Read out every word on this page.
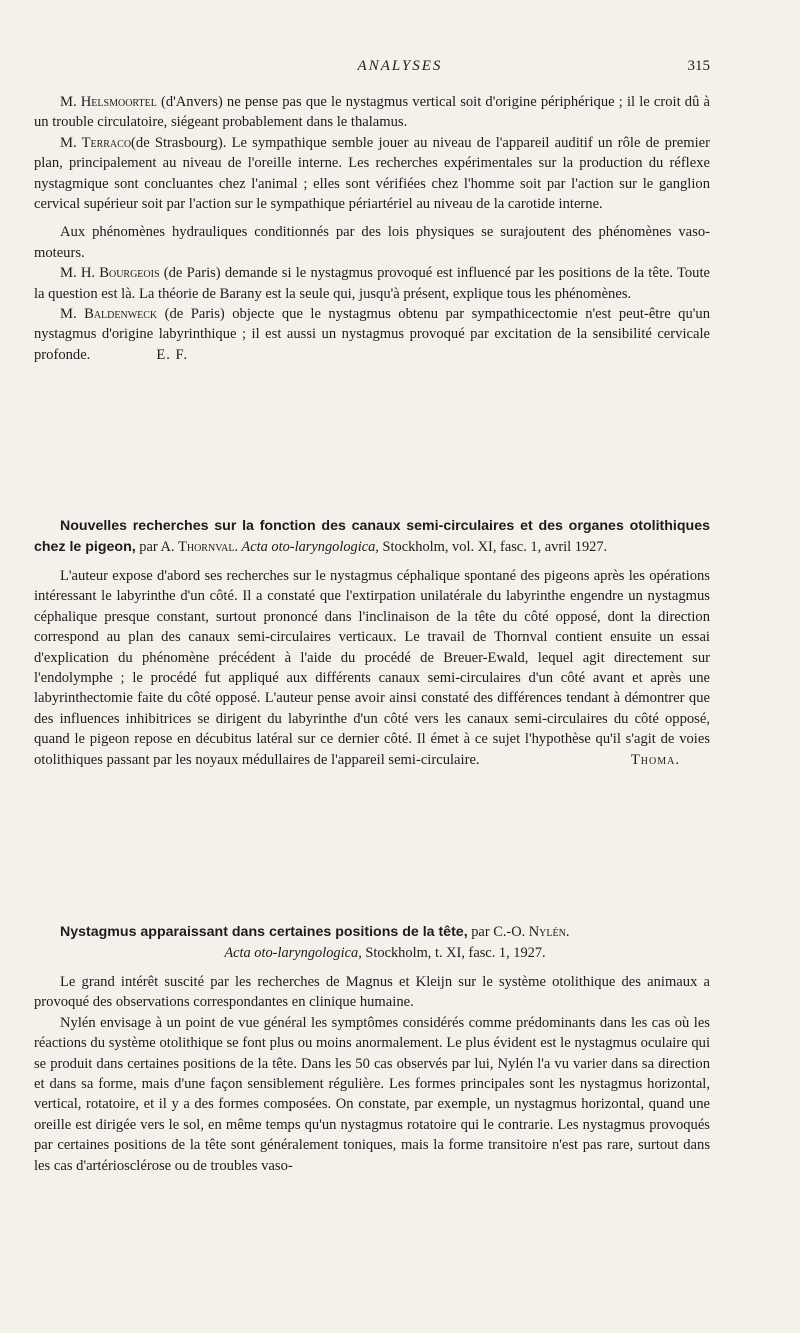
ANALYSES	315

M. Helsmoortel (d'Anvers) ne pense pas que le nystagmus vertical soit d'origine périphérique ; il le croit dû à un trouble circulatoire, siégeant probablement dans le thalamus.

M. Terraco(de Strasbourg). Le sympathique semble jouer au niveau de l'appareil auditif un rôle de premier plan, principalement au niveau de l'oreille interne. Les recherches expérimentales sur la production du réflexe nystagmique sont concluantes chez l'animal ; elles sont vérifiées chez l'homme soit par l'action sur le ganglion cervical supérieur soit par l'action sur le sympathique périartériel au niveau de la carotide interne.

Aux phénomènes hydrauliques conditionnés par des lois physiques se surajoutent des phénomènes vaso-moteurs.

M. H. Bourgeois (de Paris) demande si le nystagmus provoqué est influencé par les positions de la tête. Toute la question est là. La théorie de Barany est la seule qui, jusqu'à présent, explique tous les phénomènes.

M. Baldenweck (de Paris) objecte que le nystagmus obtenu par sympathicectomie n'est peut-être qu'un nystagmus d'origine labyrinthique ; il est aussi un nystagmus provoqué par excitation de la sensibilité cervicale profonde.	E. F.

Nouvelles recherches sur la fonction des canaux semi-circulaires et des organes otolithiques chez le pigeon, par A. Thornval. Acta oto-laryngologica, Stockholm, vol. XI, fasc. 1, avril 1927.

L'auteur expose d'abord ses recherches sur le nystagmus céphalique spontané des pigeons après les opérations intéressant le labyrinthe d'un côté. Il a constaté que l'extirpation unilatérale du labyrinthe engendre un nystagmus céphalique presque constant, surtout prononcé dans l'inclinaison de la tête du côté opposé, dont la direction correspond au plan des canaux semi-circulaires verticaux. Le travail de Thornval contient ensuite un essai d'explication du phénomène précédent à l'aide du procédé de Breuer-Ewald, lequel agit directement sur l'endolymphe ; le procédé fut appliqué aux différents canaux semi-circulaires d'un côté avant et après une labyrinthectomie faite du côté opposé. L'auteur pense avoir ainsi constaté des différences tendant à démontrer que des influences inhibitrices se dirigent du labyrinthe d'un côté vers les canaux semi-circulaires du côté opposé, quand le pigeon repose en décubitus latéral sur ce dernier côté. Il émet à ce sujet l'hypothèse qu'il s'agit de voies otolithiques passant par les noyaux médullaires de l'appareil semi-circulaire.	Thoma.

Nystagmus apparaissant dans certaines positions de la tête, par C.-O. Nylén.
Acta oto-laryngologica, Stockholm, t. XI, fasc. 1, 1927.

Le grand intérêt suscité par les recherches de Magnus et Kleijn sur le système otolithique des animaux a provoqué des observations correspondantes en clinique humaine.

Nylén envisage à un point de vue général les symptômes considérés comme prédominants dans les cas où les réactions du système otolithique se font plus ou moins anormalement. Le plus évident est le nystagmus oculaire qui se produit dans certaines positions de la tête. Dans les 50 cas observés par lui, Nylén l'a vu varier dans sa direction et dans sa forme, mais d'une façon sensiblement régulière. Les formes principales sont les nystagmus horizontal, vertical, rotatoire, et il y a des formes composées. On constate, par exemple, un nystagmus horizontal, quand une oreille est dirigée vers le sol, en même temps qu'un nystagmus rotatoire qui le contrarie. Les nystagmus provoqués par certaines positions de la tête sont généralement toniques, mais la forme transitoire n'est pas rare, surtout dans les cas d'artériosclérose ou de troubles vaso-
